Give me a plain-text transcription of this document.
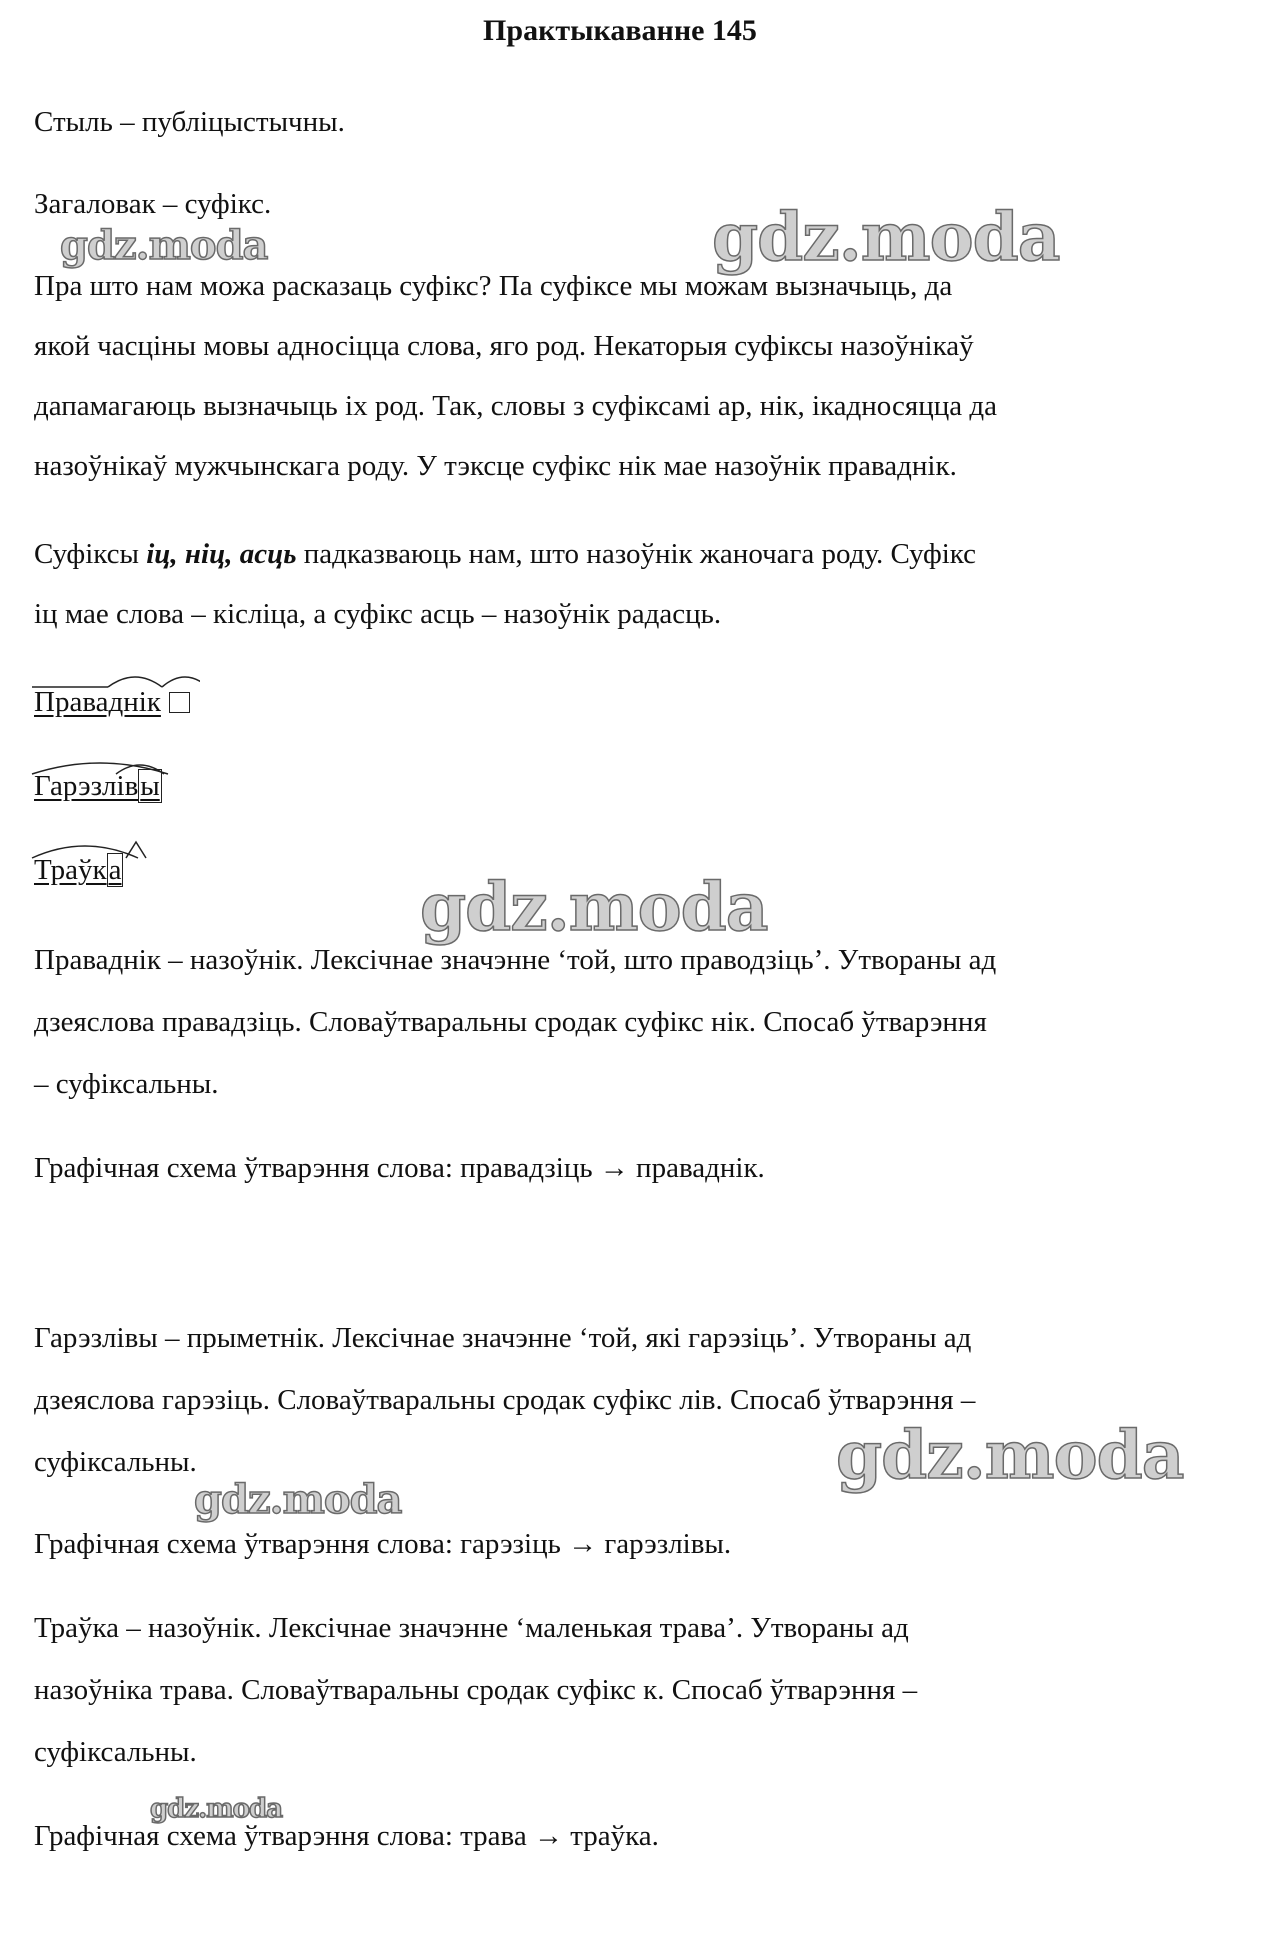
Практыкаванне 145
Стыль – публіцыстычны.
Загаловак – суфікс.
Пра што нам можа расказаць суфікс? Па суфіксе мы можам вызначыць, да
якой часціны мовы адносіцца слова, яго род. Некаторыя суфіксы назоўнікаў
дапамагаюць вызначыць іх род. Так, словы з суфіксамі ар, нік, ікадносяцца да
назоўнікаў мужчынскага роду. У тэксце суфікс нік мае назоўнік праваднік.
Суфіксы іц, ніц, асць падказваюць нам, што назоўнік жаночага роду. Суфікс
іц мае слова – кісліца, а суфікс асць – назоўнік радасць.
Праваднік
Гарэзлівы
Траўка
Праваднік – назоўнік. Лексічнае значэнне ‘той, што праводзіць’. Утвораны ад
дзеяслова правадзіць. Словаўтваральны сродак суфікс нік. Спосаб ўтварэння
– суфіксальны.
Графічная схема ўтварэння слова: правадзіць → праваднік.
Гарэзлівы – прыметнік. Лексічнае значэнне ‘той, які гарэзіць’. Утвораны ад
дзеяслова гарэзіць. Словаўтваральны сродак суфікс лів. Спосаб ўтварэння –
суфіксальны.
Графічная схема ўтварэння слова: гарэзіць → гарэзлівы.
Траўка – назоўнік. Лексічнае значэнне ‘маленькая трава’. Утвораны ад
назоўніка трава. Словаўтваральны сродак суфікс к. Спосаб ўтварэння –
суфіксальны.
Графічная схема ўтварэння слова: трава → траўка.
gdz.moda	gdz.moda
gdz.moda
gdz.moda
gdz.moda
gdz.moda
